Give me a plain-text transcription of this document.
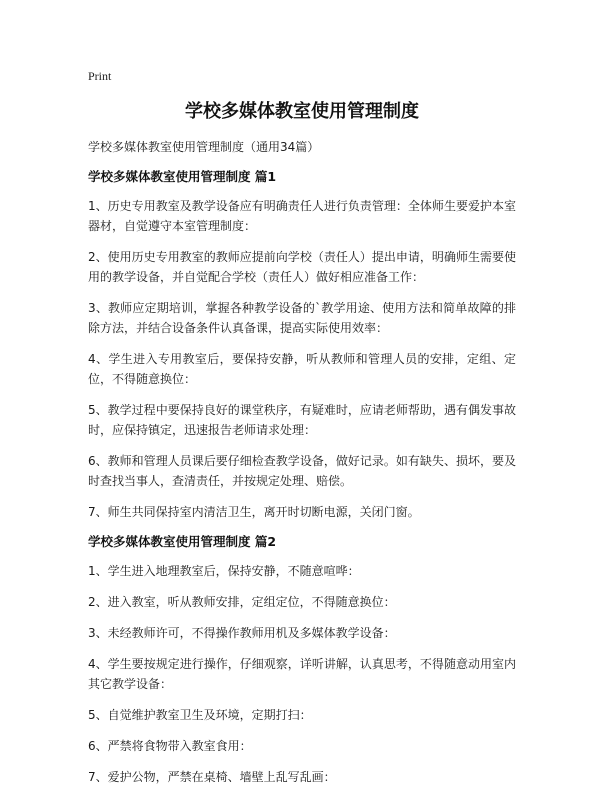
Print
学校多媒体教室使用管理制度
学校多媒体教室使用管理制度（通用34篇）
学校多媒体教室使用管理制度 篇1

1、历史专用教室及教学设备应有明确责任人进行负责管理：全体师生要爱护本室器材，自觉遵守本室管理制度：

2、使用历史专用教室的教师应提前向学校（责任人）提出申请，明确师生需要使用的教学设备，并自觉配合学校（责任人）做好相应准备工作：

3、教师应定期培训，掌握各种教学设备的`教学用途、使用方法和简单故障的排除方法，并结合设备条件认真备课，提高实际使用效率：

4、学生进入专用教室后，要保持安静，听从教师和管理人员的安排，定组、定位，不得随意换位：

5、教学过程中要保持良好的课堂秩序，有疑难时，应请老师帮助，遇有偶发事故时，应保持镇定，迅速报告老师请求处理：

6、教师和管理人员课后要仔细检查教学设备，做好记录。如有缺失、损坏，要及时查找当事人，查清责任，并按规定处理、赔偿。

7、师生共同保持室内清洁卫生，离开时切断电源，关闭门窗。

学校多媒体教室使用管理制度 篇2

1、学生进入地理教室后，保持安静，不随意喧哗：

2、进入教室，听从教师安排，定组定位，不得随意换位：

3、未经教师许可，不得操作教师用机及多媒体教学设备：

4、学生要按规定进行操作，仔细观察，详听讲解，认真思考，不得随意动用室内其它教学设备：

5、自觉维护教室卫生及环境，定期打扫：

6、严禁将食物带入教室食用：

7、爱护公物，严禁在桌椅、墙壁上乱写乱画：
